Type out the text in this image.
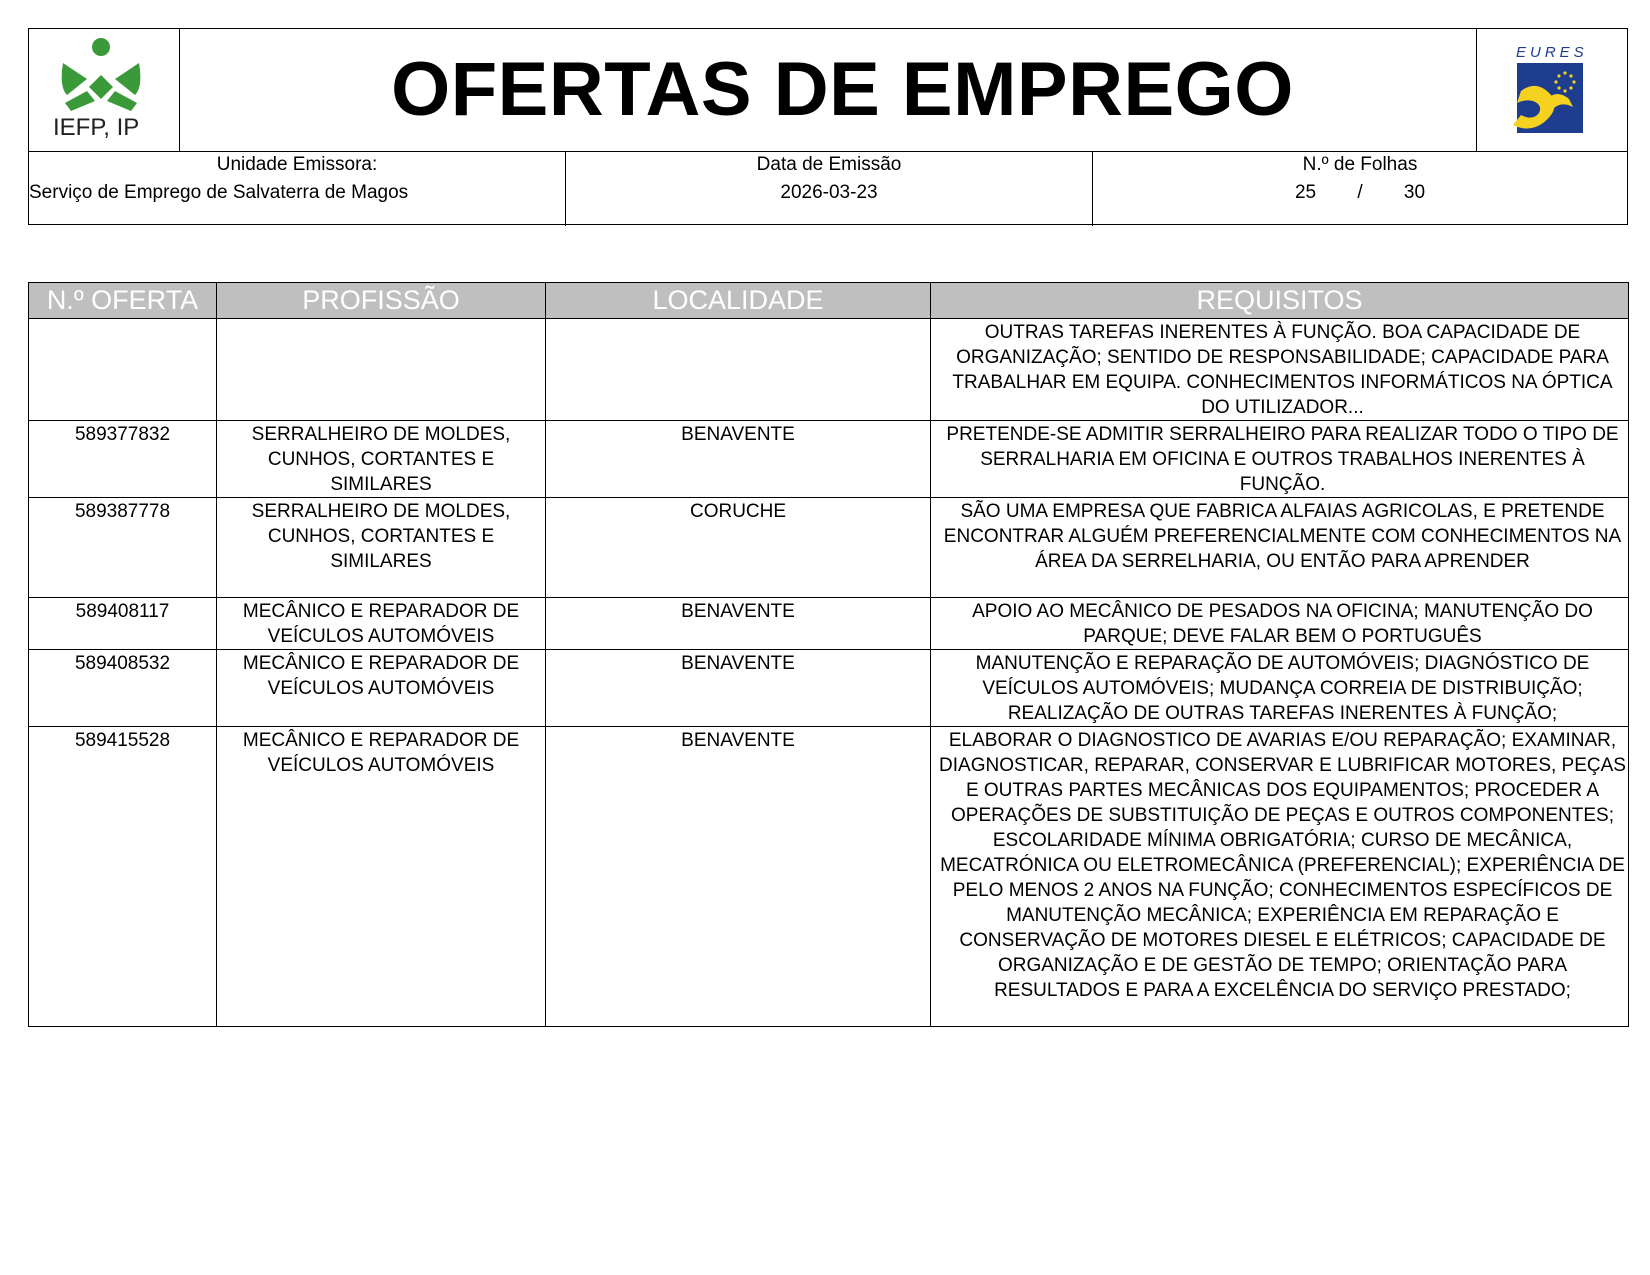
IEFP, IP	OFERTAS DE EMPREGO	EURES
Unidade Emissora:
Serviço de Emprego de Salvaterra de Magos
Data de Emissão
2026-03-23
N.º de Folhas
25 / 30
N.º OFERTA	PROFISSÃO	LOCALIDADE	REQUISITOS
			OUTRAS TAREFAS INERENTES À FUNÇÃO. BOA CAPACIDADE DE ORGANIZAÇÃO; SENTIDO DE RESPONSABILIDADE; CAPACIDADE PARA TRABALHAR EM EQUIPA. CONHECIMENTOS INFORMÁTICOS NA ÓPTICA DO UTILIZADOR...
589377832	SERRALHEIRO DE MOLDES, CUNHOS, CORTANTES E SIMILARES	BENAVENTE	PRETENDE-SE ADMITIR SERRALHEIRO PARA REALIZAR TODO O TIPO DE SERRALHARIA EM OFICINA E OUTROS TRABALHOS INERENTES À FUNÇÃO.
589387778	SERRALHEIRO DE MOLDES, CUNHOS, CORTANTES E SIMILARES	CORUCHE	SÃO UMA EMPRESA QUE FABRICA ALFAIAS AGRICOLAS, E PRETENDE ENCONTRAR ALGUÉM PREFERENCIALMENTE COM CONHECIMENTOS NA ÁREA DA SERRELHARIA, OU ENTÃO PARA APRENDER
589408117	MECÂNICO E REPARADOR DE VEÍCULOS AUTOMÓVEIS	BENAVENTE	APOIO AO MECÂNICO DE PESADOS NA OFICINA; MANUTENÇÃO DO PARQUE; DEVE FALAR BEM O PORTUGUÊS
589408532	MECÂNICO E REPARADOR DE VEÍCULOS AUTOMÓVEIS	BENAVENTE	MANUTENÇÃO E REPARAÇÃO DE AUTOMÓVEIS; DIAGNÓSTICO DE VEÍCULOS AUTOMÓVEIS; MUDANÇA CORREIA DE DISTRIBUIÇÃO; REALIZAÇÃO DE OUTRAS TAREFAS INERENTES À FUNÇÃO;
589415528	MECÂNICO E REPARADOR DE VEÍCULOS AUTOMÓVEIS	BENAVENTE	ELABORAR O DIAGNOSTICO DE AVARIAS E/OU REPARAÇÃO; EXAMINAR, DIAGNOSTICAR, REPARAR, CONSERVAR E LUBRIFICAR MOTORES, PEÇAS E OUTRAS PARTES MECÂNICAS DOS EQUIPAMENTOS; PROCEDER A OPERAÇÕES DE SUBSTITUIÇÃO DE PEÇAS E OUTROS COMPONENTES; ESCOLARIDADE MÍNIMA OBRIGATÓRIA; CURSO DE MECÂNICA, MECATRÓNICA OU ELETROMECÂNICA (PREFERENCIAL); EXPERIÊNCIA DE PELO MENOS 2 ANOS NA FUNÇÃO; CONHECIMENTOS ESPECÍFICOS DE MANUTENÇÃO MECÂNICA; EXPERIÊNCIA EM REPARAÇÃO E CONSERVAÇÃO DE MOTORES DIESEL E ELÉTRICOS; CAPACIDADE DE ORGANIZAÇÃO E DE GESTÃO DE TEMPO; ORIENTAÇÃO PARA RESULTADOS E PARA A EXCELÊNCIA DO SERVIÇO PRESTADO;
